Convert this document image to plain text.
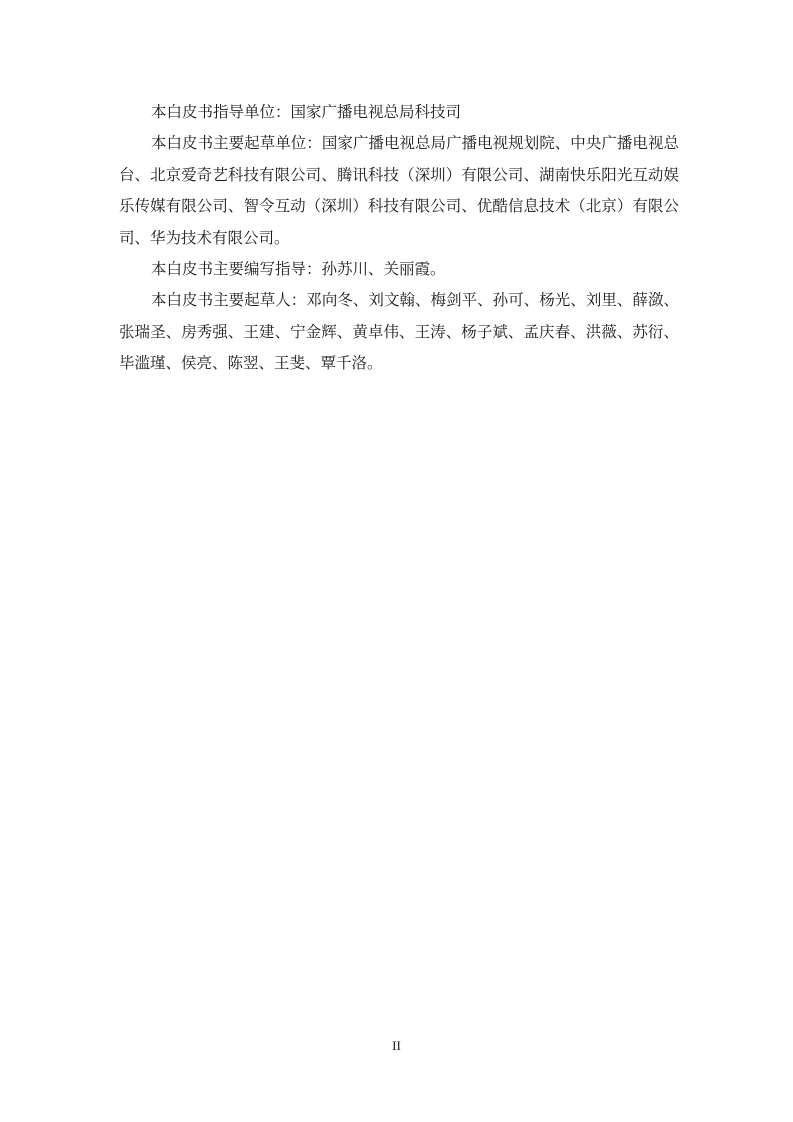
本白皮书指导单位：国家广播电视总局科技司

本白皮书主要起草单位：国家广播电视总局广播电视规划院、中央广播电视总台、北京爱奇艺科技有限公司、腾讯科技（深圳）有限公司、湖南快乐阳光互动娱乐传媒有限公司、智令互动（深圳）科技有限公司、优酷信息技术（北京）有限公司、华为技术有限公司。

本白皮书主要编写指导：孙苏川、关丽霞。

本白皮书主要起草人：邓向冬、刘文翰、梅剑平、孙可、杨光、刘里、薛潋、张瑞圣、房秀强、王建、宁金辉、黄卓伟、王涛、杨子斌、孟庆春、洪薇、苏衍、毕滥瑾、侯亮、陈翌、王斐、覃千洛。

II
